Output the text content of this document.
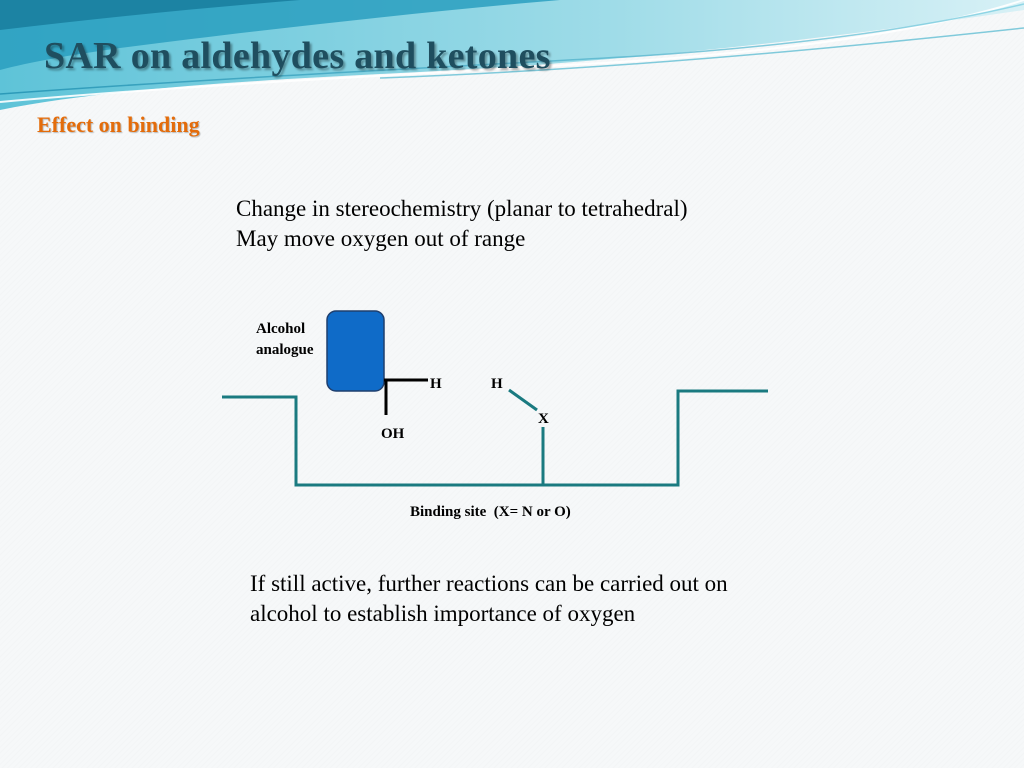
SAR on aldehydes and ketones
Effect on binding
Change in stereochemistry (planar to tetrahedral)
May move oxygen out of range
Alcohol
analogue
H	H
OH
X
Binding site  (X= N or O)
If still active, further reactions can be carried out on
alcohol to establish importance of oxygen
